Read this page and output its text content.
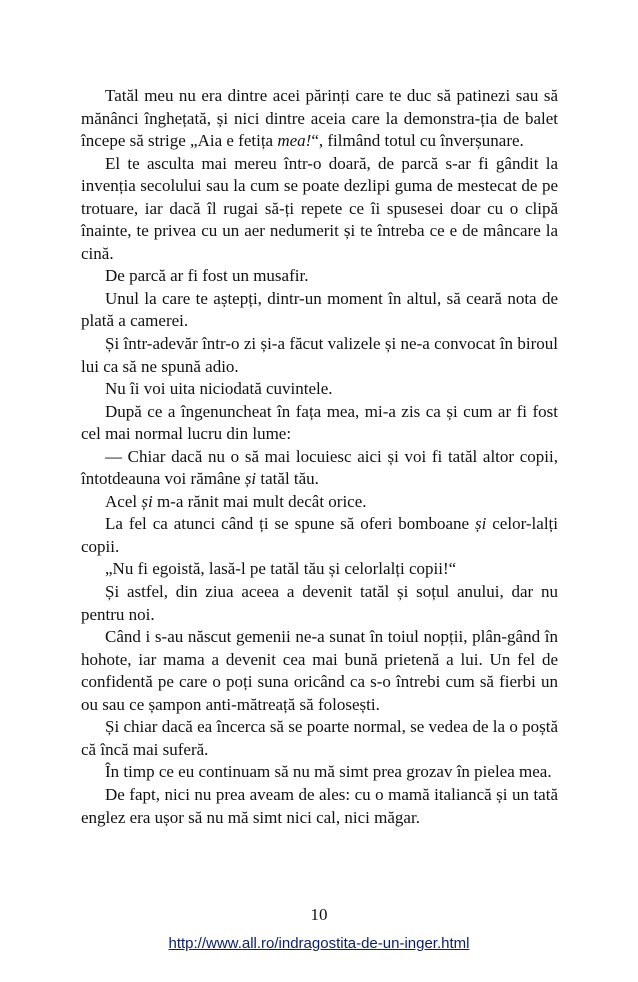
Tatăl meu nu era dintre acei părinți care te duc să patinezi sau să mănânci înghețată, și nici dintre aceia care la demonstra-ția de balet începe să strige „Aia e fetița mea!“, filmând totul cu înverșunare.

El te asculta mai mereu într-o doară, de parcă s-ar fi gândit la invenția secolului sau la cum se poate dezlipi guma de mestecat de pe trotuare, iar dacă îl rugai să-ți repete ce îi spusesei doar cu o clipă înainte, te privea cu un aer nedumerit și te întreba ce e de mâncare la cină.

De parcă ar fi fost un musafir.

Unul la care te aștepți, dintr-un moment în altul, să ceară nota de plată a camerei.

Și într-adevăr într-o zi și-a făcut valizele și ne-a convocat în biroul lui ca să ne spună adio.

Nu îi voi uita niciodată cuvintele.

După ce a îngenuncheat în fața mea, mi-a zis ca și cum ar fi fost cel mai normal lucru din lume:

— Chiar dacă nu o să mai locuiesc aici și voi fi tatăl altor copii, întotdeauna voi rămâne și tatăl tău.

Acel și m-a rănit mai mult decât orice.

La fel ca atunci când ți se spune să oferi bomboane și celor-lalți copii.

„Nu fi egoistă, lasă-l pe tatăl tău și celorlalți copii!“

Și astfel, din ziua aceea a devenit tatăl și soțul anului, dar nu pentru noi.

Când i s-au născut gemenii ne-a sunat în toiul nopții, plân-gând în hohote, iar mama a devenit cea mai bună prietenă a lui. Un fel de confidentă pe care o poți suna oricând ca s-o întrebi cum să fierbi un ou sau ce șampon anti-mătreață să folosești.

Și chiar dacă ea încerca să se poarte normal, se vedea de la o poștă că încă mai suferă.

În timp ce eu continuam să nu mă simt prea grozav în pielea mea.

De fapt, nici nu prea aveam de ales: cu o mamă italiancă și un tată englez era ușor să nu mă simt nici cal, nici măgar.

10
http://www.all.ro/indragostita-de-un-inger.html
